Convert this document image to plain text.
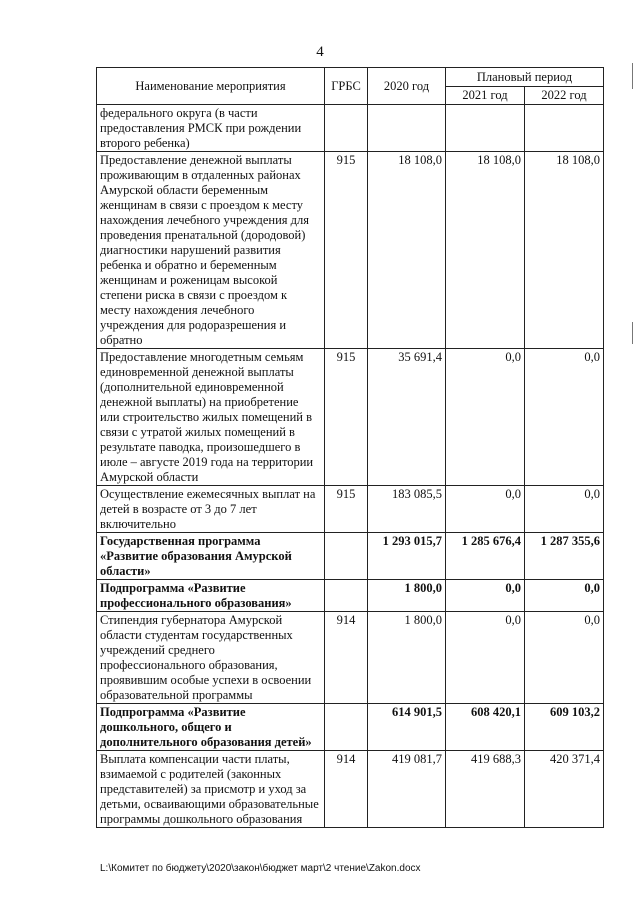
4
Наименование мероприятия	ГРБС	2020 год	Плановый период	
			2021 год	2022 год
федерального округа (в части предоставления РМСК при рождении второго ребенка)				
Предоставление денежной выплаты проживающим в отдаленных районах Амурской области беременным женщинам в связи с проездом к месту нахождения лечебного учреждения для проведения пренатальной (дородовой) диагностики нарушений развития ребенка и обратно и беременным женщинам и роженицам высокой степени риска в связи с проездом к месту нахождения лечебного учреждения для родоразрешения и обратно	915	18 108,0	18 108,0	18 108,0
Предоставление многодетным семьям единовременной денежной выплаты (дополнительной единовременной денежной выплаты) на приобретение или строительство жилых помещений в связи с утратой жилых помещений в результате паводка, произошедшего в июле – августе 2019 года на территории Амурской области	915	35 691,4	0,0	0,0
Осуществление ежемесячных выплат на детей в возрасте от 3 до 7 лет включительно	915	183 085,5	0,0	0,0
Государственная программа «Развитие образования Амурской области»		1 293 015,7	1 285 676,4	1 287 355,6
Подпрограмма «Развитие профессионального образования»		1 800,0	0,0	0,0
Стипендия губернатора Амурской области студентам государственных учреждений среднего профессионального образования, проявившим особые успехи в освоении образовательной программы	914	1 800,0	0,0	0,0
Подпрограмма «Развитие дошкольного, общего и дополнительного образования детей»		614 901,5	608 420,1	609 103,2
Выплата компенсации части платы, взимаемой с родителей (законных представителей) за присмотр и уход за детьми, осваивающими образовательные программы дошкольного образования	914	419 081,7	419 688,3	420 371,4
L:\Комитет по бюджету\2020\закон\бюджет март\2 чтение\Zakon.docx
